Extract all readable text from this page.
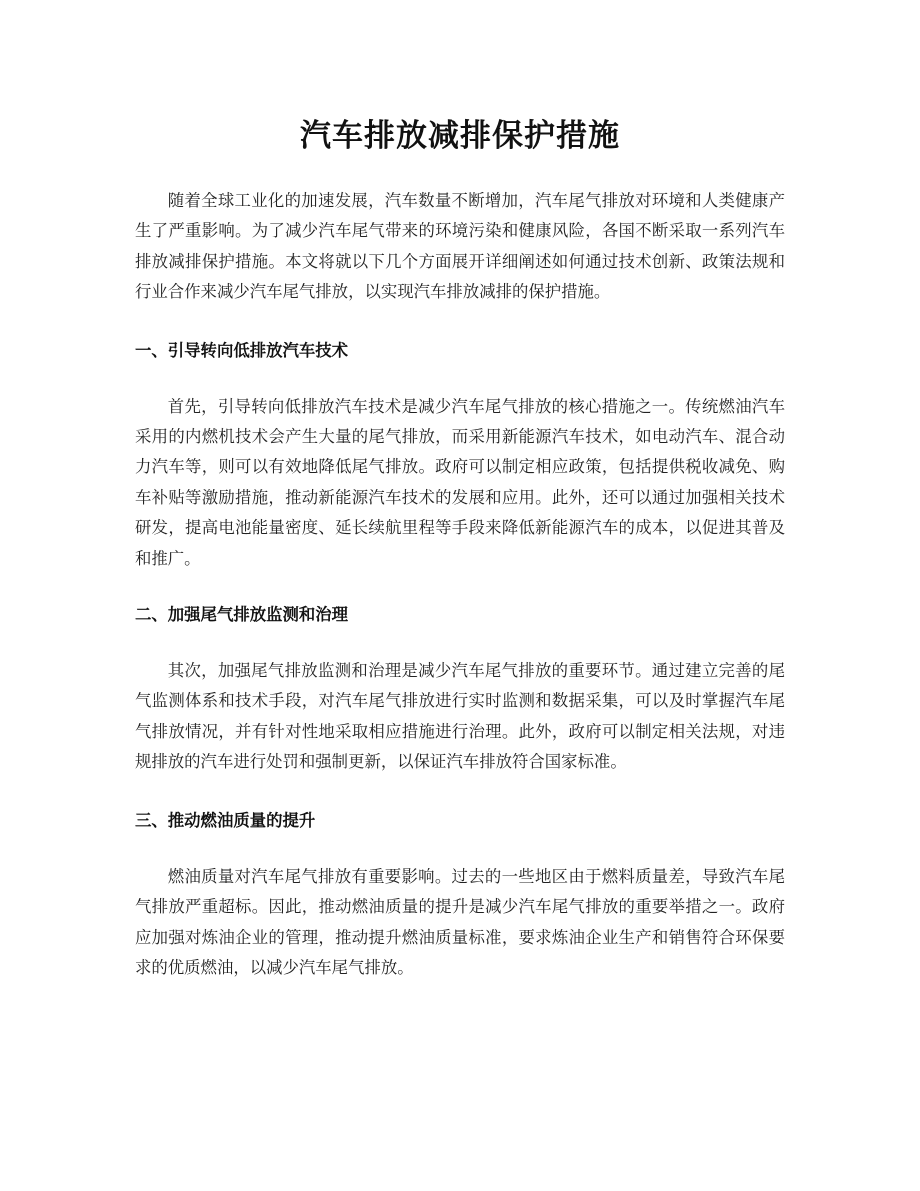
汽车排放减排保护措施

随着全球工业化的加速发展，汽车数量不断增加，汽车尾气排放对环境和人类健康产生了严重影响。为了减少汽车尾气带来的环境污染和健康风险，各国不断采取一系列汽车排放减排保护措施。本文将就以下几个方面展开详细阐述如何通过技术创新、政策法规和行业合作来减少汽车尾气排放，以实现汽车排放减排的保护措施。

一、引导转向低排放汽车技术

首先，引导转向低排放汽车技术是减少汽车尾气排放的核心措施之一。传统燃油汽车采用的内燃机技术会产生大量的尾气排放，而采用新能源汽车技术，如电动汽车、混合动力汽车等，则可以有效地降低尾气排放。政府可以制定相应政策，包括提供税收减免、购车补贴等激励措施，推动新能源汽车技术的发展和应用。此外，还可以通过加强相关技术研发，提高电池能量密度、延长续航里程等手段来降低新能源汽车的成本，以促进其普及和推广。

二、加强尾气排放监测和治理

其次，加强尾气排放监测和治理是减少汽车尾气排放的重要环节。通过建立完善的尾气监测体系和技术手段，对汽车尾气排放进行实时监测和数据采集，可以及时掌握汽车尾气排放情况，并有针对性地采取相应措施进行治理。此外，政府可以制定相关法规，对违规排放的汽车进行处罚和强制更新，以保证汽车排放符合国家标准。

三、推动燃油质量的提升

燃油质量对汽车尾气排放有重要影响。过去的一些地区由于燃料质量差，导致汽车尾气排放严重超标。因此，推动燃油质量的提升是减少汽车尾气排放的重要举措之一。政府应加强对炼油企业的管理，推动提升燃油质量标准，要求炼油企业生产和销售符合环保要求的优质燃油，以减少汽车尾气排放。
